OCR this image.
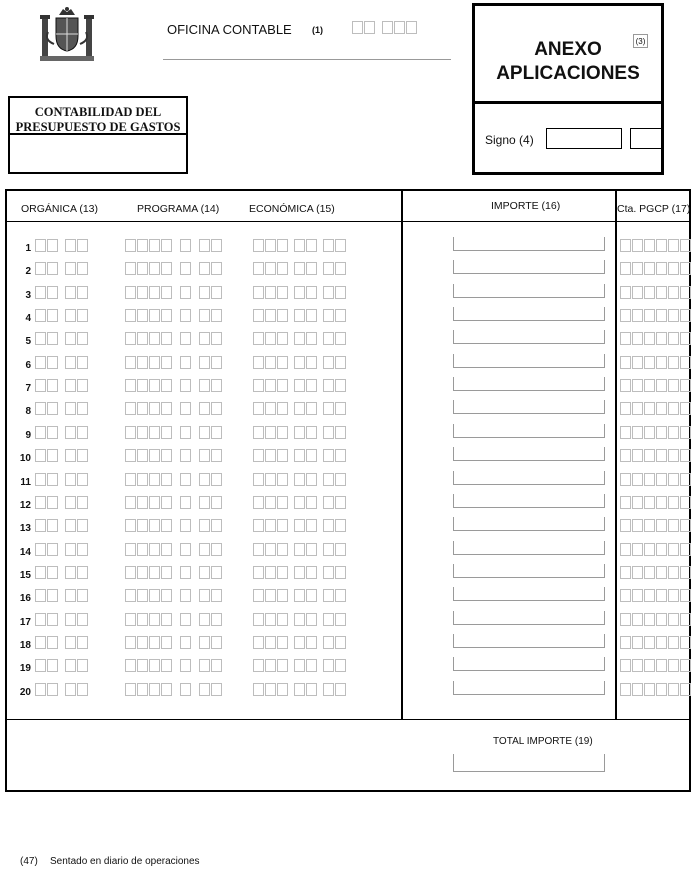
OFICINA CONTABLE (1)
ANEXO APLICACIONES
(3)
Signo (4)
CONTABILIDAD DEL PRESUPUESTO DE GASTOS
ORGÁNICA (13)	PROGRAMA (14)	ECONÓMICA (15)	IMPORTE (16)	Cta. PGCP (17)
1
2
3
4
5
6
7
8
9
10
11
12
13
14
15
16
17
18
19
20
TOTAL IMPORTE (19)
(47) Sentado en diario de operaciones
